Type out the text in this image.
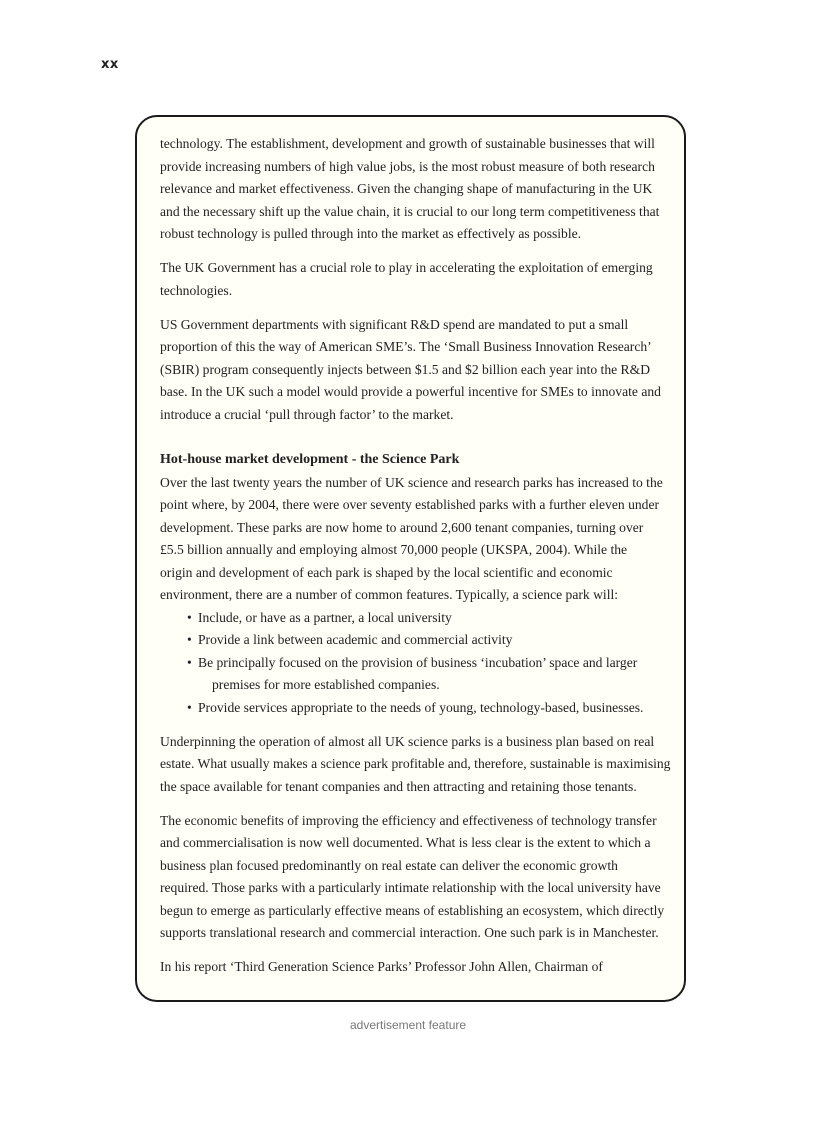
xx
technology. The establishment, development and growth of sustainable businesses that will
provide increasing numbers of high value jobs, is the most robust measure of both research
relevance and market effectiveness. Given the changing shape of manufacturing in the UK
and the necessary shift up the value chain, it is crucial to our long term competitiveness that
robust technology is pulled through into the market as effectively as possible.
The UK Government has a crucial role to play in accelerating the exploitation of emerging
technologies.
US Government departments with significant R&D spend are mandated to put a small
proportion of this the way of American SME’s. The ‘Small Business Innovation Research’
(SBIR) program consequently injects between $1.5 and $2 billion each year into the R&D
base. In the UK such a model would provide a powerful incentive for SMEs to innovate and
introduce a crucial ‘pull through factor’ to the market.
Hot-house market development - the Science Park
Over the last twenty years the number of UK science and research parks has increased to the
point where, by 2004, there were over seventy established parks with a further eleven under
development. These parks are now home to around 2,600 tenant companies, turning over
£5.5 billion annually and employing almost 70,000 people (UKSPA, 2004). While the
origin and development of each park is shaped by the local scientific and economic
environment, there are a number of common features. Typically, a science park will:
• Include, or have as a partner, a local university
• Provide a link between academic and commercial activity
• Be principally focused on the provision of business ‘incubation’ space and larger
premises for more established companies.
• Provide services appropriate to the needs of young, technology-based, businesses.
Underpinning the operation of almost all UK science parks is a business plan based on real
estate. What usually makes a science park profitable and, therefore, sustainable is maximising
the space available for tenant companies and then attracting and retaining those tenants.
The economic benefits of improving the efficiency and effectiveness of technology transfer
and commercialisation is now well documented. What is less clear is the extent to which a
business plan focused predominantly on real estate can deliver the economic growth
required. Those parks with a particularly intimate relationship with the local university have
begun to emerge as particularly effective means of establishing an ecosystem, which directly
supports translational research and commercial interaction. One such park is in Manchester.
In his report ‘Third Generation Science Parks’ Professor John Allen, Chairman of
advertisement feature
